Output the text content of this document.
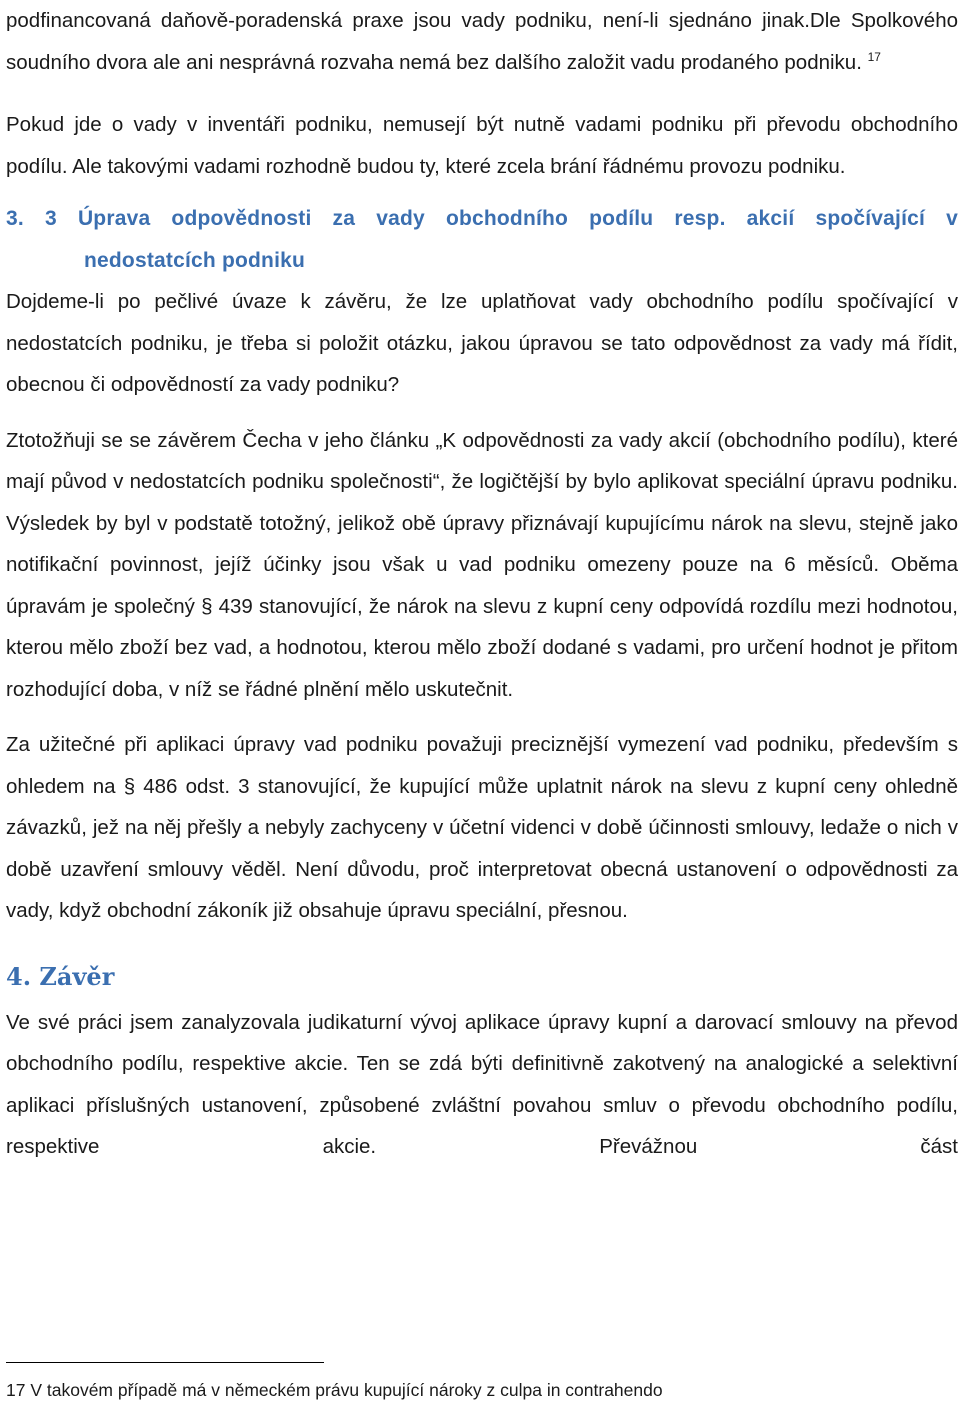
podfinancovaná daňově-poradenská praxe jsou vady podniku, není-li sjednáno jinak.Dle Spolkového soudního dvora ale ani nesprávná rozvaha nemá bez dalšího založit vadu prodaného podniku. $^{17}$

Pokud jde o vady v inventáři podniku, nemusejí být nutně vadami podniku při převodu obchodního podílu. Ale takovými vadami rozhodně budou ty, které zcela brání řádnému provozu podniku.

3. 3 Úprava odpovědnosti za vady obchodního podílu resp. akcií spočívající v
nedostatcích podniku

Dojdeme-li po pečlivé úvaze k závěru, že lze uplatňovat vady obchodního podílu spočívající v nedostatcích podniku, je třeba si položit otázku, jakou úpravou se tato odpovědnost za vady má řídit, obecnou či odpovědností za vady podniku?

Ztotožňuji se se závěrem Čecha v jeho článku „K odpovědnosti za vady akcií (obchodního podílu), které mají původ v nedostatcích podniku společnosti“, že logičtější by bylo aplikovat speciální úpravu podniku. Výsledek by byl v podstatě totožný, jelikož obě úpravy přiznávají kupujícímu nárok na slevu, stejně jako notifikační povinnost, jejíž účinky jsou však u vad podniku omezeny pouze na 6 měsíců. Oběma úpravám je společný § 439 stanovující, že nárok na slevu z kupní ceny odpovídá rozdílu mezi hodnotou, kterou mělo zboží bez vad, a hodnotou, kterou mělo zboží dodané s vadami, pro určení hodnot je přitom rozhodující doba, v níž se řádné plnění mělo uskutečnit.

Za užitečné při aplikaci úpravy vad podniku považuji preciznější vymezení vad podniku, především s ohledem na § 486 odst. 3 stanovující, že kupující může uplatnit nárok na slevu z kupní ceny ohledně závazků, jež na něj přešly a nebyly zachyceny v účetní videnci v době účinnosti smlouvy, ledaže o nich v době uzavření smlouvy věděl. Není důvodu, proč interpretovat obecná ustanovení o odpovědnosti za vady, když obchodní zákoník již obsahuje úpravu speciální, přesnou.

4. Závěr

Ve své práci jsem zanalyzovala judikaturní vývoj aplikace úpravy kupní a darovací smlouvy na převod obchodního podílu, respektive akcie. Ten se zdá býti definitivně zakotvený na analogické a selektivní aplikaci příslušných ustanovení, způsobené zvláštní povahou smluv o převodu obchodního podílu, respektive akcie. Převážnou část

17 V takovém případě má v německém právu kupující nároky z culpa in contrahendo
